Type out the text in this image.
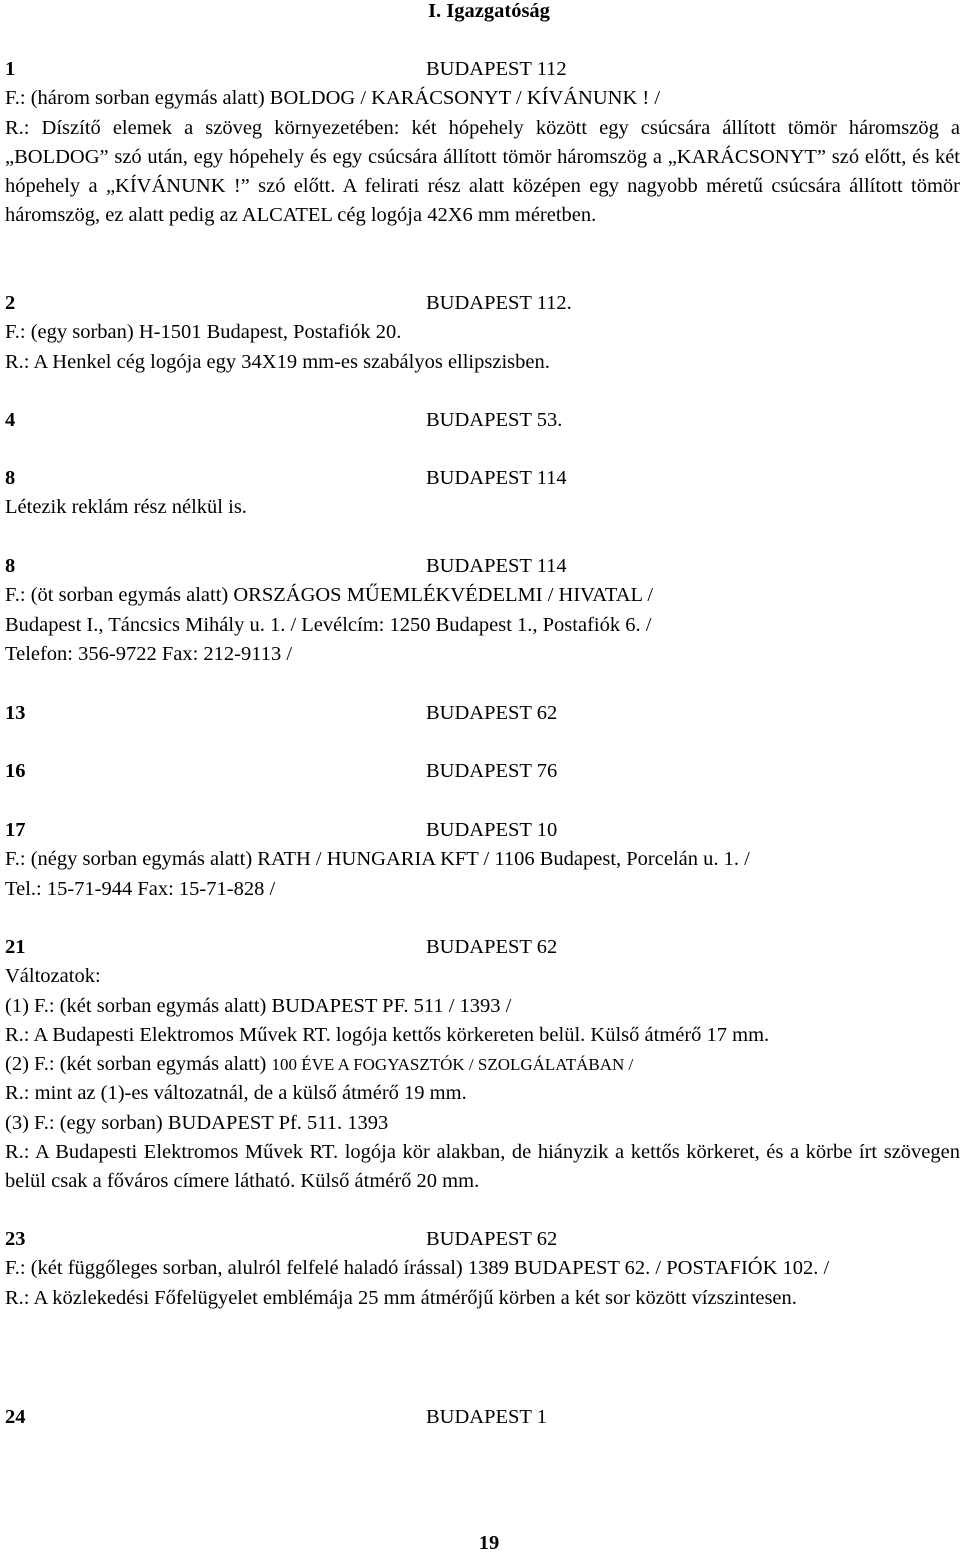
I. Igazgatóság
1	BUDAPEST 112
F.: (három sorban egymás alatt) BOLDOG / KARÁCSONYT / KÍVÁNUNK ! /
R.: Díszítő elemek a szöveg környezetében: két hópehely között egy csúcsára állított tömör háromszög a „BOLDOG” szó után, egy hópehely és egy csúcsára állított tömör háromszög a „KARÁCSONYT” szó előtt, és két hópehely a „KÍVÁNUNK !” szó előtt. A felirati rész alatt középen egy nagyobb méretű csúcsára állított tömör háromszög, ez alatt pedig az ALCATEL cég logója 42X6 mm méretben.
2	BUDAPEST 112.
F.: (egy sorban) H-1501 Budapest, Postafiók 20.
R.: A Henkel cég logója egy 34X19 mm-es szabályos ellipszisben.
4	BUDAPEST 53.
8	BUDAPEST 114
Létezik reklám rész nélkül is.
8	BUDAPEST 114
F.: (öt sorban egymás alatt) ORSZÁGOS MŰEMLÉKVÉDELMI / HIVATAL /
Budapest I., Táncsics Mihály u. 1. / Levélcím: 1250 Budapest 1., Postafiók 6. /
Telefon: 356-9722 Fax: 212-9113 /
13	BUDAPEST 62
16	BUDAPEST 76
17	BUDAPEST 10
F.: (négy sorban egymás alatt) RATH / HUNGARIA KFT / 1106 Budapest, Porcelán u. 1. /
Tel.: 15-71-944 Fax: 15-71-828 /
21	BUDAPEST 62
Változatok:
(1) F.: (két sorban egymás alatt) BUDAPEST PF. 511 / 1393 /
R.: A Budapesti Elektromos Művek RT. logója kettős körkereten belül. Külső átmérő 17 mm.
(2) F.: (két sorban egymás alatt) 100 ÉVE A FOGYASZTÓK / SZOLGÁLATÁBAN /
R.: mint az (1)-es változatnál, de a külső átmérő 19 mm.
(3) F.: (egy sorban) BUDAPEST Pf. 511. 1393
R.: A Budapesti Elektromos Művek RT. logója kör alakban, de hiányzik a kettős körkeret, és a körbe írt szövegen belül csak a főváros címere látható. Külső átmérő 20 mm.
23	BUDAPEST 62
F.: (két függőleges sorban, alulról felfelé haladó írással) 1389 BUDAPEST 62. / POSTAFIÓK 102. /
R.: A közlekedési Főfelügyelet emblémája 25 mm átmérőjű körben a két sor között vízszintesen.
24	BUDAPEST 1
19
